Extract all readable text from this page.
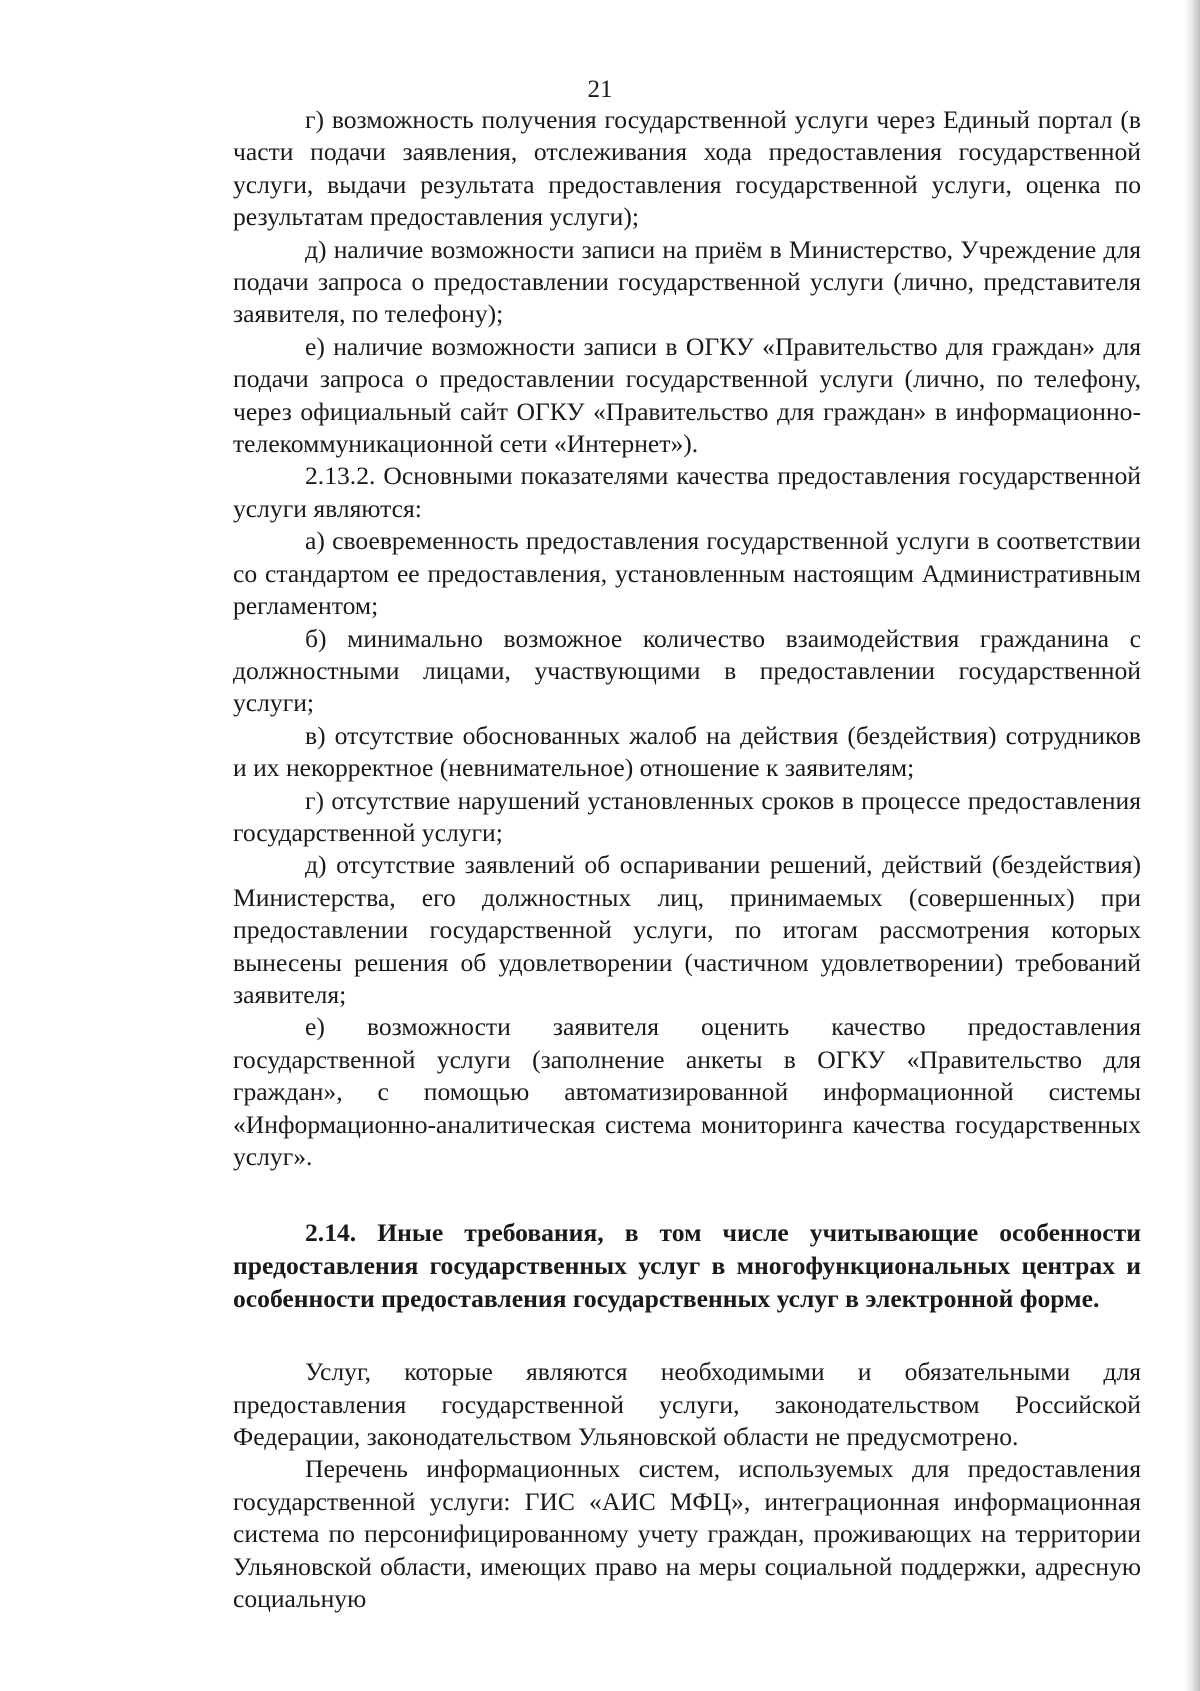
21

г) возможность получения государственной услуги через Единый портал (в части подачи заявления, отслеживания хода предоставления государственной услуги, выдачи результата предоставления государственной услуги, оценка по результатам предоставления услуги);

д) наличие возможности записи на приём в Министерство, Учреждение для подачи запроса о предоставлении государственной услуги (лично, представителя заявителя, по телефону);

е) наличие возможности записи в ОГКУ «Правительство для граждан» для подачи запроса о предоставлении государственной услуги (лично, по телефону, через официальный сайт ОГКУ «Правительство для граждан» в информационно-телекоммуникационной сети «Интернет»).

2.13.2. Основными показателями качества предоставления государственной услуги являются:

а) своевременность предоставления государственной услуги в соответствии со стандартом ее предоставления, установленным настоящим Административным регламентом;

б) минимально возможное количество взаимодействия гражданина с должностными лицами, участвующими в предоставлении государственной услуги;

в) отсутствие обоснованных жалоб на действия (бездействия) сотрудников и их некорректное (невнимательное) отношение к заявителям;

г) отсутствие нарушений установленных сроков в процессе предоставления государственной услуги;

д) отсутствие заявлений об оспаривании решений, действий (бездействия) Министерства, его должностных лиц, принимаемых (совершенных) при предоставлении государственной услуги, по итогам рассмотрения которых вынесены решения об удовлетворении (частичном удовлетворении) требований заявителя;

е) возможности заявителя оценить качество предоставления государственной услуги (заполнение анкеты в ОГКУ «Правительство для граждан», с помощью автоматизированной информационной системы «Информационно-аналитическая система мониторинга качества государственных услуг».

2.14. Иные требования, в том числе учитывающие особенности предоставления государственных услуг в многофункциональных центрах и особенности предоставления государственных услуг в электронной форме.

Услуг, которые являются необходимыми и обязательными для предоставления государственной услуги, законодательством Российской Федерации, законодательством Ульяновской области не предусмотрено.

Перечень информационных систем, используемых для предоставления государственной услуги: ГИС «АИС МФЦ», интеграционная информационная система по персонифицированному учету граждан, проживающих на территории Ульяновской области, имеющих право на меры социальной поддержки, адресную социальную
